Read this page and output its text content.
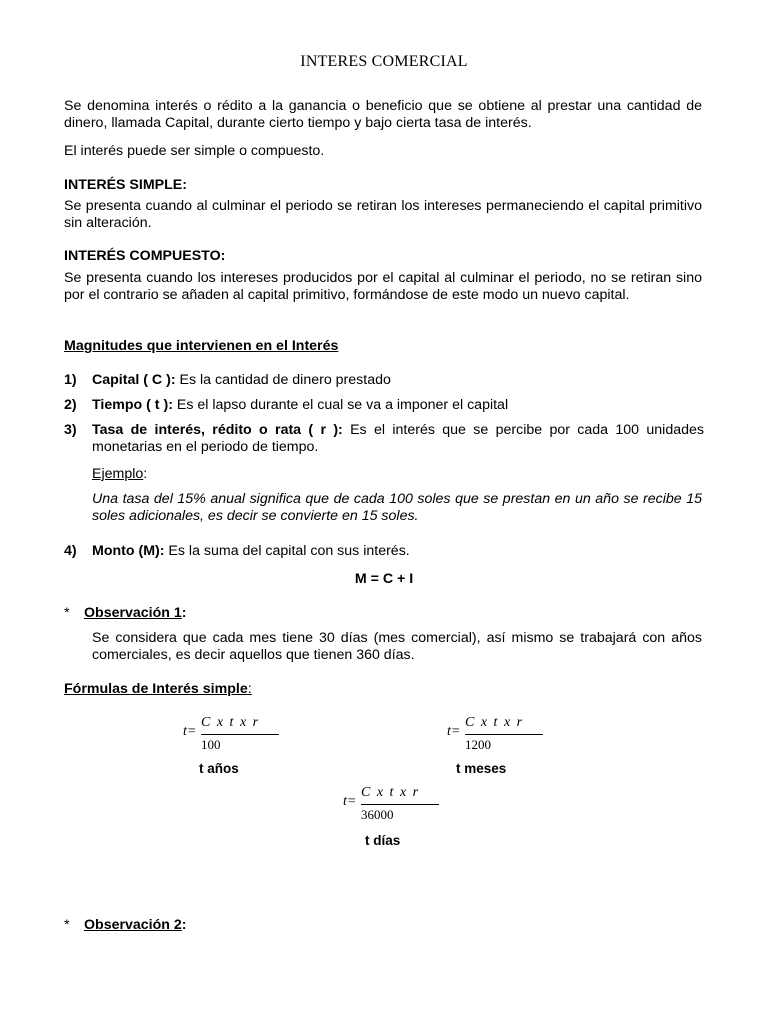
INTERES COMERCIAL
Se denomina interés o rédito a la ganancia o beneficio que se obtiene al prestar una cantidad de dinero, llamada Capital, durante cierto tiempo y bajo cierta tasa de interés.
El interés puede ser simple o compuesto.
INTERÉS SIMPLE:
Se presenta cuando al culminar el periodo se retiran los intereses permaneciendo el capital primitivo sin alteración.
INTERÉS COMPUESTO:
Se presenta cuando los intereses producidos por el capital al culminar el periodo, no se retiran sino por el contrario se añaden al capital primitivo, formándose de este modo un nuevo capital.
Magnitudes que intervienen en el Interés
1) Capital ( C ): Es la cantidad de dinero prestado
2) Tiempo ( t ): Es el lapso durante el cual se va a imponer el capital
3) Tasa de interés, rédito o rata ( r ): Es el interés que se percibe por cada 100 unidades monetarias en el periodo de tiempo.
Ejemplo:
Una tasa del 15% anual significa que de cada 100 soles que se prestan en un año se recibe 15 soles adicionales, es decir se convierte en 15 soles.
4) Monto (M): Es la suma del capital con sus interés.
M = C + I
* Observación 1:
Se considera que cada mes tiene 30 días (mes comercial), así mismo se trabajará con años comerciales, es decir aquellos que tienen 360 días.
Fórmulas de Interés simple:
t=
C x t x r
100
t años
t=
C x t x r
1200
t meses
t=
C x t x r
36000
t días
* Observación 2:
